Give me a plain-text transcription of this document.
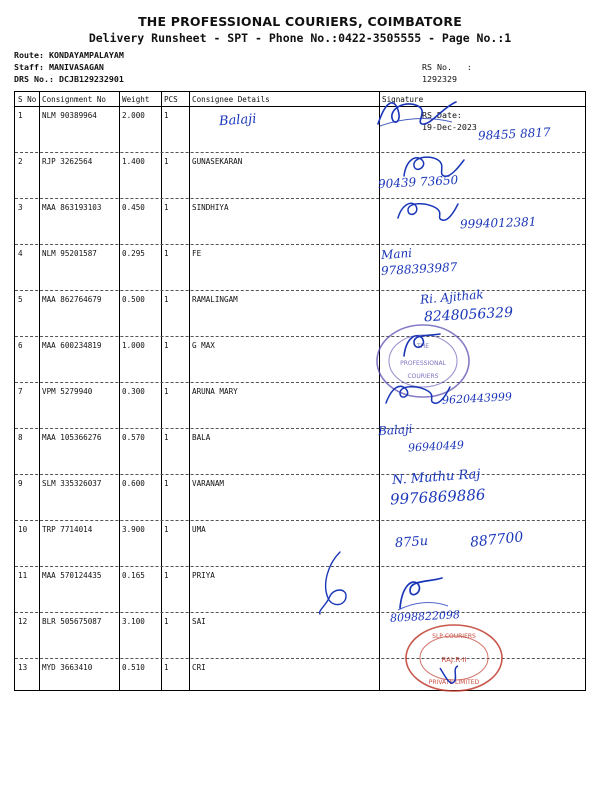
THE PROFESSIONAL COURIERS, COIMBATORE
Delivery Runsheet - SPT - Phone No.:0422-3505555 - Page No.:1
Route: KONDAYAMPALAYAM
Staff: MANIVASAGAN
DRS No.: DCJB129232901

RS No.   :
1292329

RS Date:
19-Dec-2023

S No Consignment No	Weight	PCS	Consignee Details	Signature
1	NLM 90389964	2.000	1
2	RJP 3262564	1.400	1	GUNASEKARAN
3	MAA 863193103	0.450	1	SINDHIYA
4	NLM 95201587	0.295	1	FE
5	MAA 862764679	0.500	1	RAMALINGAM
6	MAA 600234819	1.000	1	G MAX
7	VPM 5279940	0.300	1	ARUNA MARY
8	MAA 105366276	0.570	1	BALA
9	SLM 335326037	0.600	1	VARANAM
10	TRP 7714014	3.900	1	UMA
11	MAA 570124435	0.165	1	PRIYA
12	BLR 505675087	3.100	1	SAI
13	MYD 3663410	0.510	1	CRI
Balaji
98455 8817
90439 73650
9994012381
Mani
9788393987
Ri. Ajithak
8248056329
THE
PROFESSIONAL
COURIERS
9620443999
Balaji
96940449
N. Muthu Raj
9976869886
875u	887700
8098822098
SLP COURIERS
PRIVATE LIMITED
RAJ.R-II
